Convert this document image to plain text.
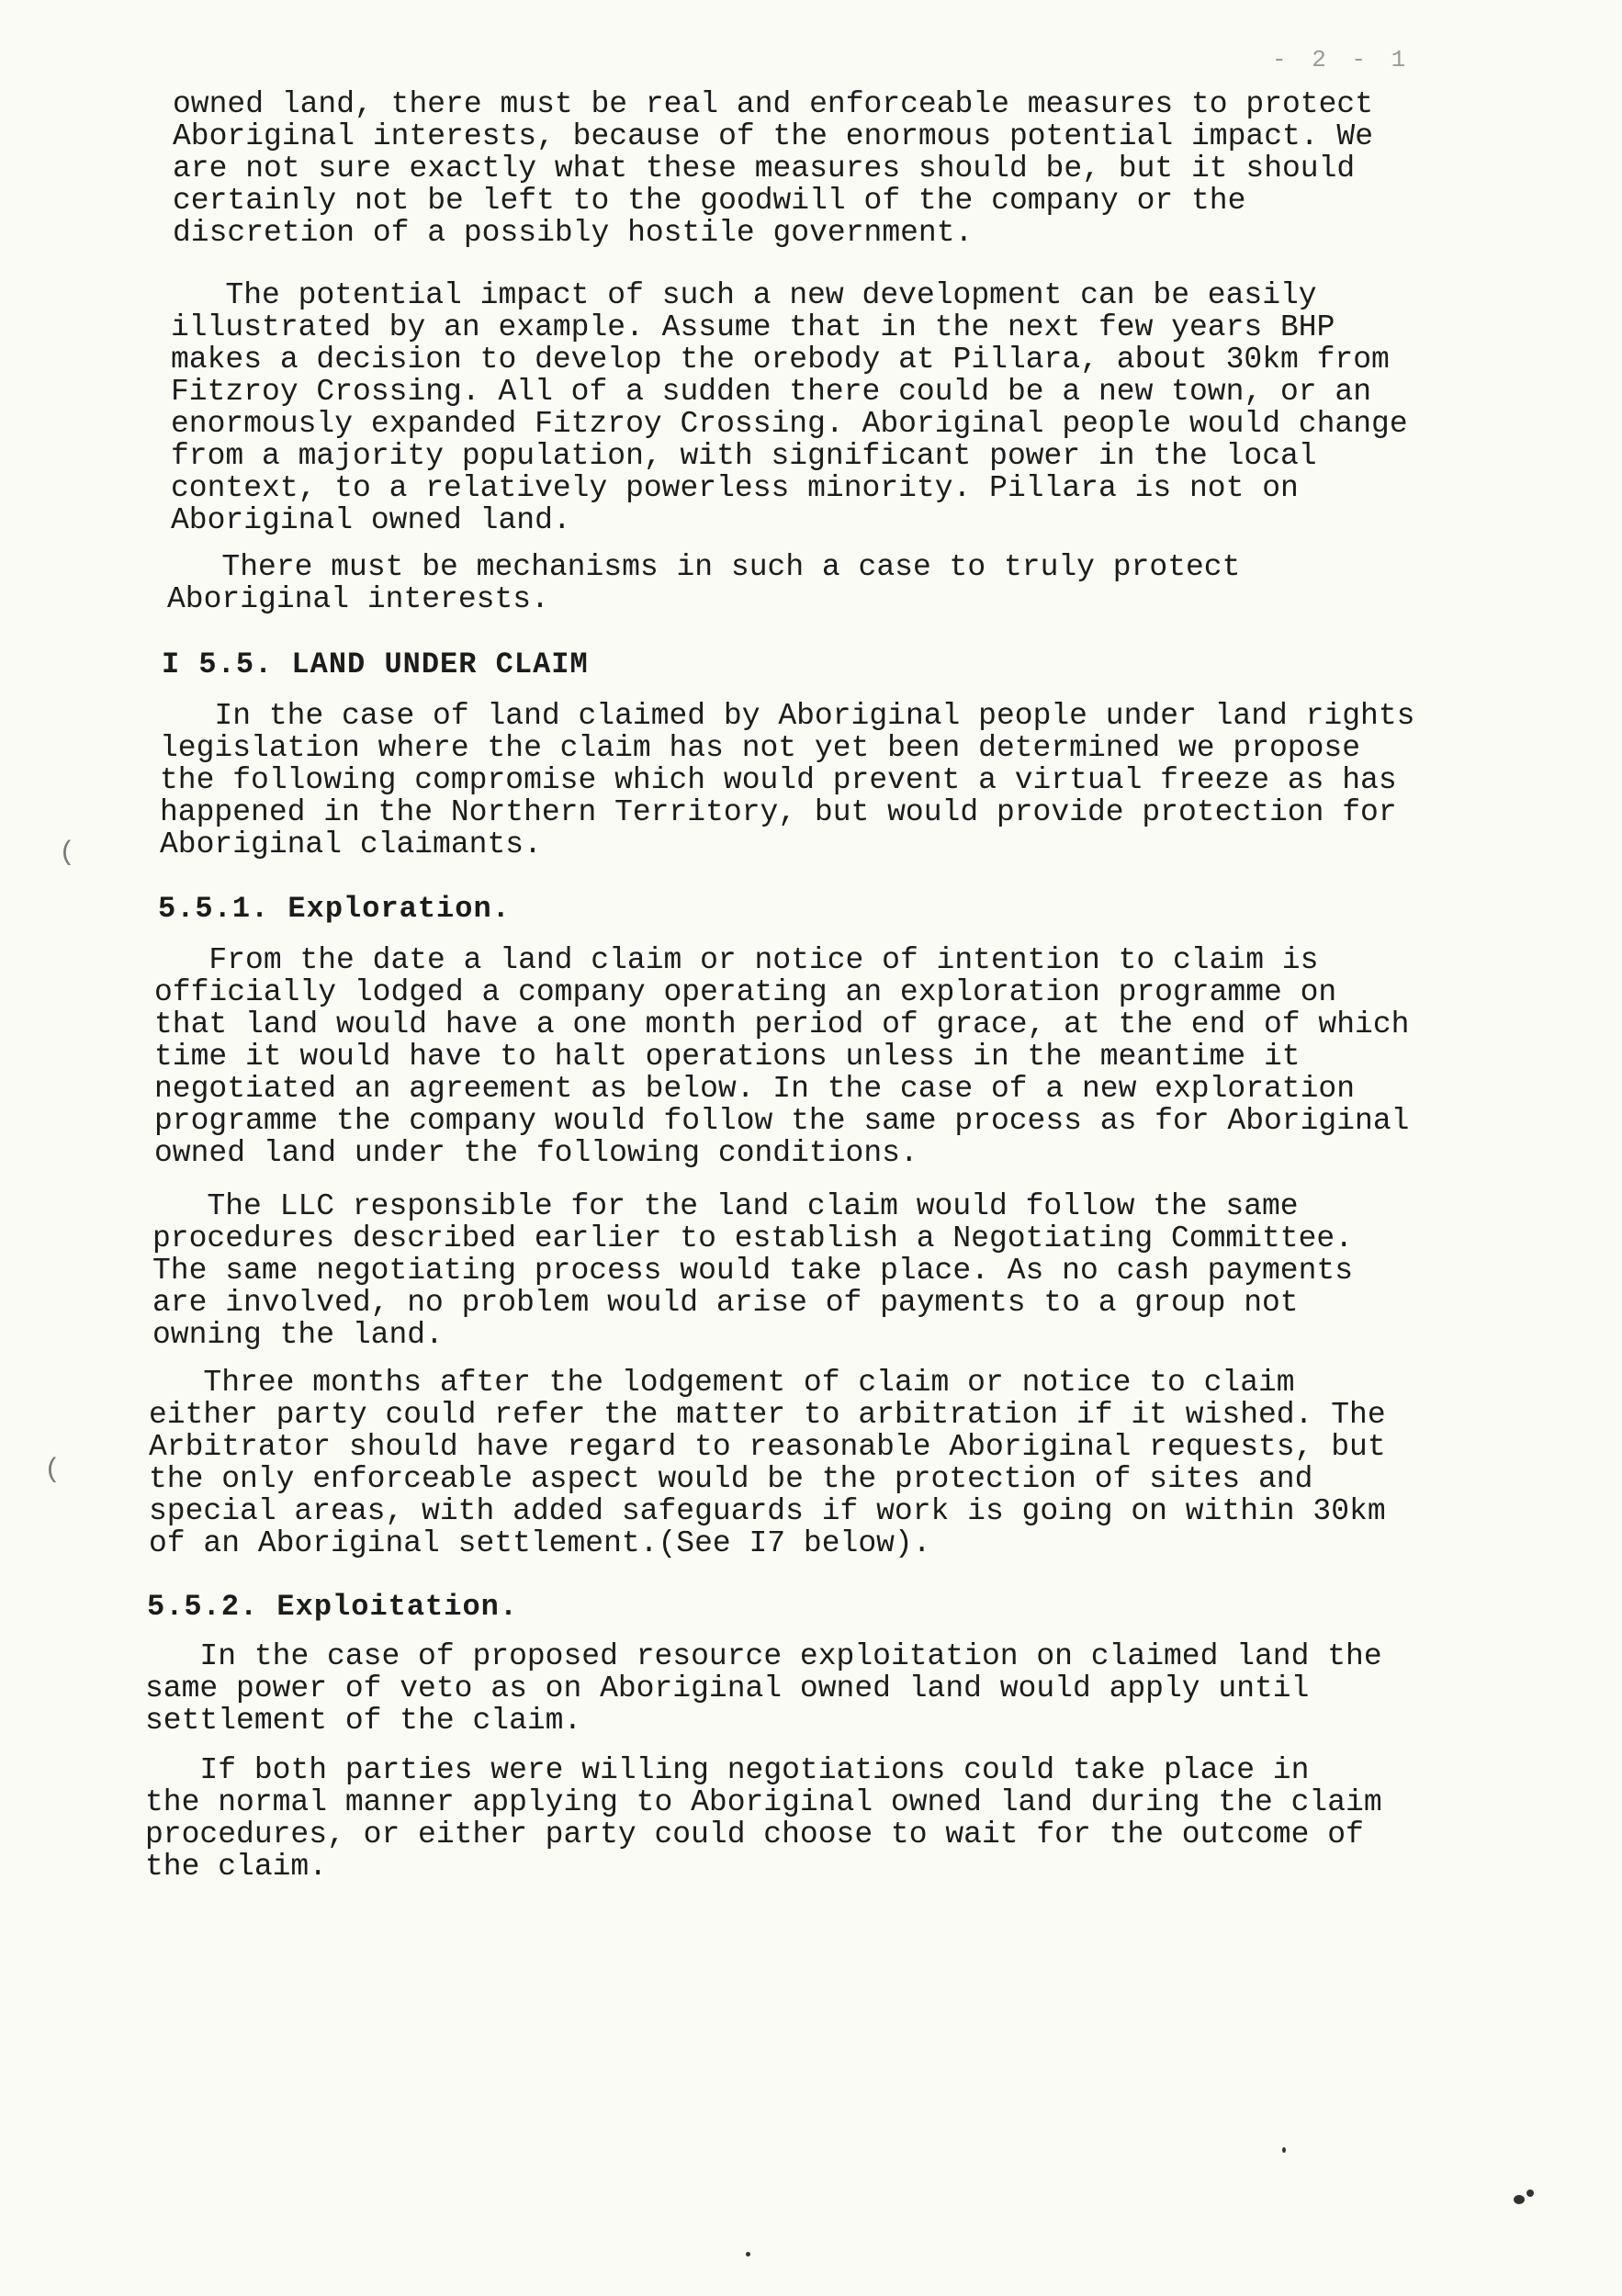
- 2 - 1

owned land, there must be real and enforceable measures to protect
Aboriginal interests, because of the enormous potential impact. We
are not sure exactly what these measures should be, but it should
certainly not be left to the goodwill of the company or the
discretion of a possibly hostile government.

The potential impact of such a new development can be easily
illustrated by an example. Assume that in the next few years BHP
makes a decision to develop the orebody at Pillara, about 30km from
Fitzroy Crossing. All of a sudden there could be a new town, or an
enormously expanded Fitzroy Crossing. Aboriginal people would change
from a majority population, with significant power in the local
context, to a relatively powerless minority. Pillara is not on
Aboriginal owned land.

There must be mechanisms in such a case to truly protect
Aboriginal interests.

I 5.5. LAND UNDER CLAIM

In the case of land claimed by Aboriginal people under land rights
legislation where the claim has not yet been determined we propose
the following compromise which would prevent a virtual freeze as has
happened in the Northern Territory, but would provide protection for
Aboriginal claimants.

5.5.1. Exploration.

From the date a land claim or notice of intention to claim is
officially lodged a company operating an exploration programme on
that land would have a one month period of grace, at the end of which
time it would have to halt operations unless in the meantime it
negotiated an agreement as below. In the case of a new exploration
programme the company would follow the same process as for Aboriginal
owned land under the following conditions.

The LLC responsible for the land claim would follow the same
procedures described earlier to establish a Negotiating Committee.
The same negotiating process would take place. As no cash payments
are involved, no problem would arise of payments to a group not
owning the land.

Three months after the lodgement of claim or notice to claim
either party could refer the matter to arbitration if it wished. The
Arbitrator should have regard to reasonable Aboriginal requests, but
the only enforceable aspect would be the protection of sites and
special areas, with added safeguards if work is going on within 30km
of an Aboriginal settlement.(See I7 below).

5.5.2. Exploitation.

In the case of proposed resource exploitation on claimed land the
same power of veto as on Aboriginal owned land would apply until
settlement of the claim.

If both parties were willing negotiations could take place in
the normal manner applying to Aboriginal owned land during the claim
procedures, or either party could choose to wait for the outcome of
the claim.

(
(
